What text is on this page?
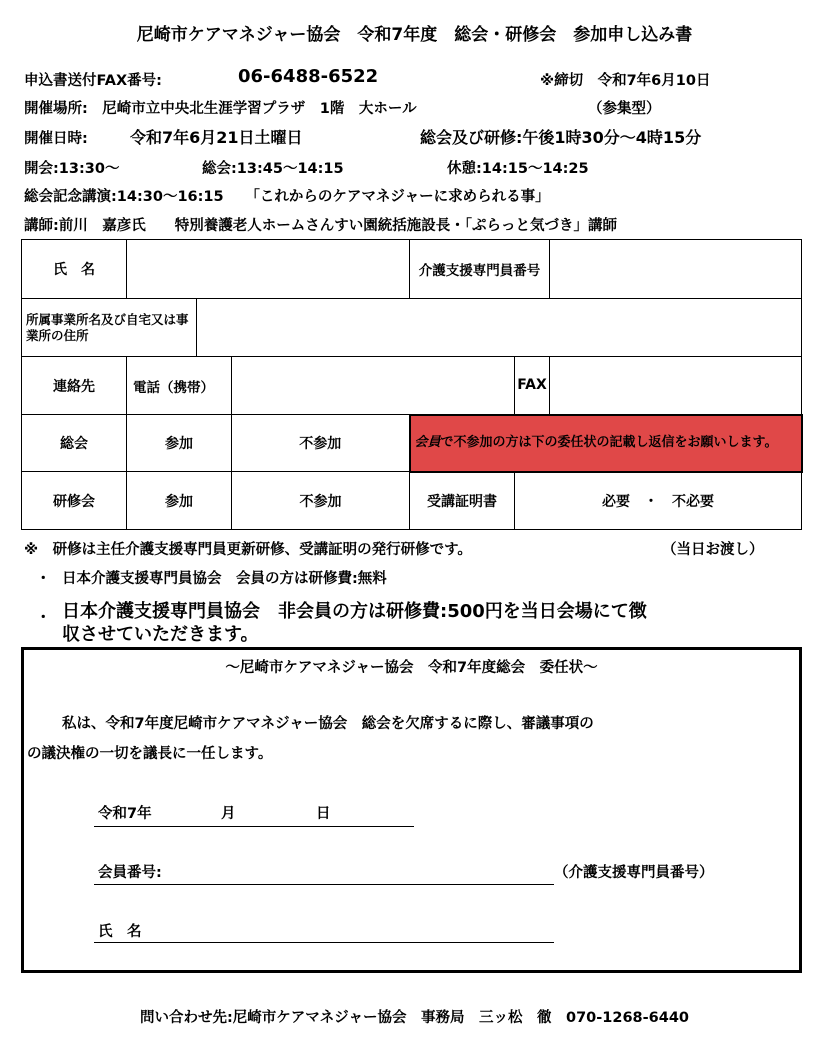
尼崎市ケアマネジャー協会　令和7年度　総会・研修会　参加申し込み書
申込書送付FAX番号:	06-6488-6522	※締切　令和7年6月10日
開催場所:　尼崎市立中央北生涯学習プラザ　1階　大ホール	（参集型）
開催日時:	令和7年6月21日土曜日	総会及び研修:午後1時30分～4時15分
開会:13:30～	総会:13:45～14:15	休憩:14:15～14:25
総会記念講演:14:30～16:15　　「これからのケアマネジャーに求められる事」
講師:前川　嘉彦氏　　特別養護老人ホームさんすい園統括施設長・「ぷらっと気づき」講師
氏　名				介護支援専門員番号		

所属事業所名及び自宅又は事業所の住所						
連絡先	電話（携帯）				FAX	
総会	参加		不参加	会員で不参加の方は下の委任状の記載し返信をお願いします。		
研修会	参加		不参加	受講証明書	必要　・　不必要	
※　研修は主任介護支援専門員更新研修、受講証明の発行研修です。	（当日お渡し）
・ 日本介護支援専門員協会　会員の方は研修費:無料
・ 日本介護支援専門員協会　非会員の方は研修費:500円を当日会場にて徴
収させていただきます。
～尼崎市ケアマネジャー協会　令和7年度総会　委任状～
私は、令和7年度尼崎市ケアマネジャー協会　総会を欠席するに際し、審議事項の
の議決権の一切を議長に一任します。
令和7年	月	日
会員番号:	（介護支援専門員番号）
氏　名
問い合わせ先:尼崎市ケアマネジャー協会　事務局　三ッ松　徹　070-1268-6440
